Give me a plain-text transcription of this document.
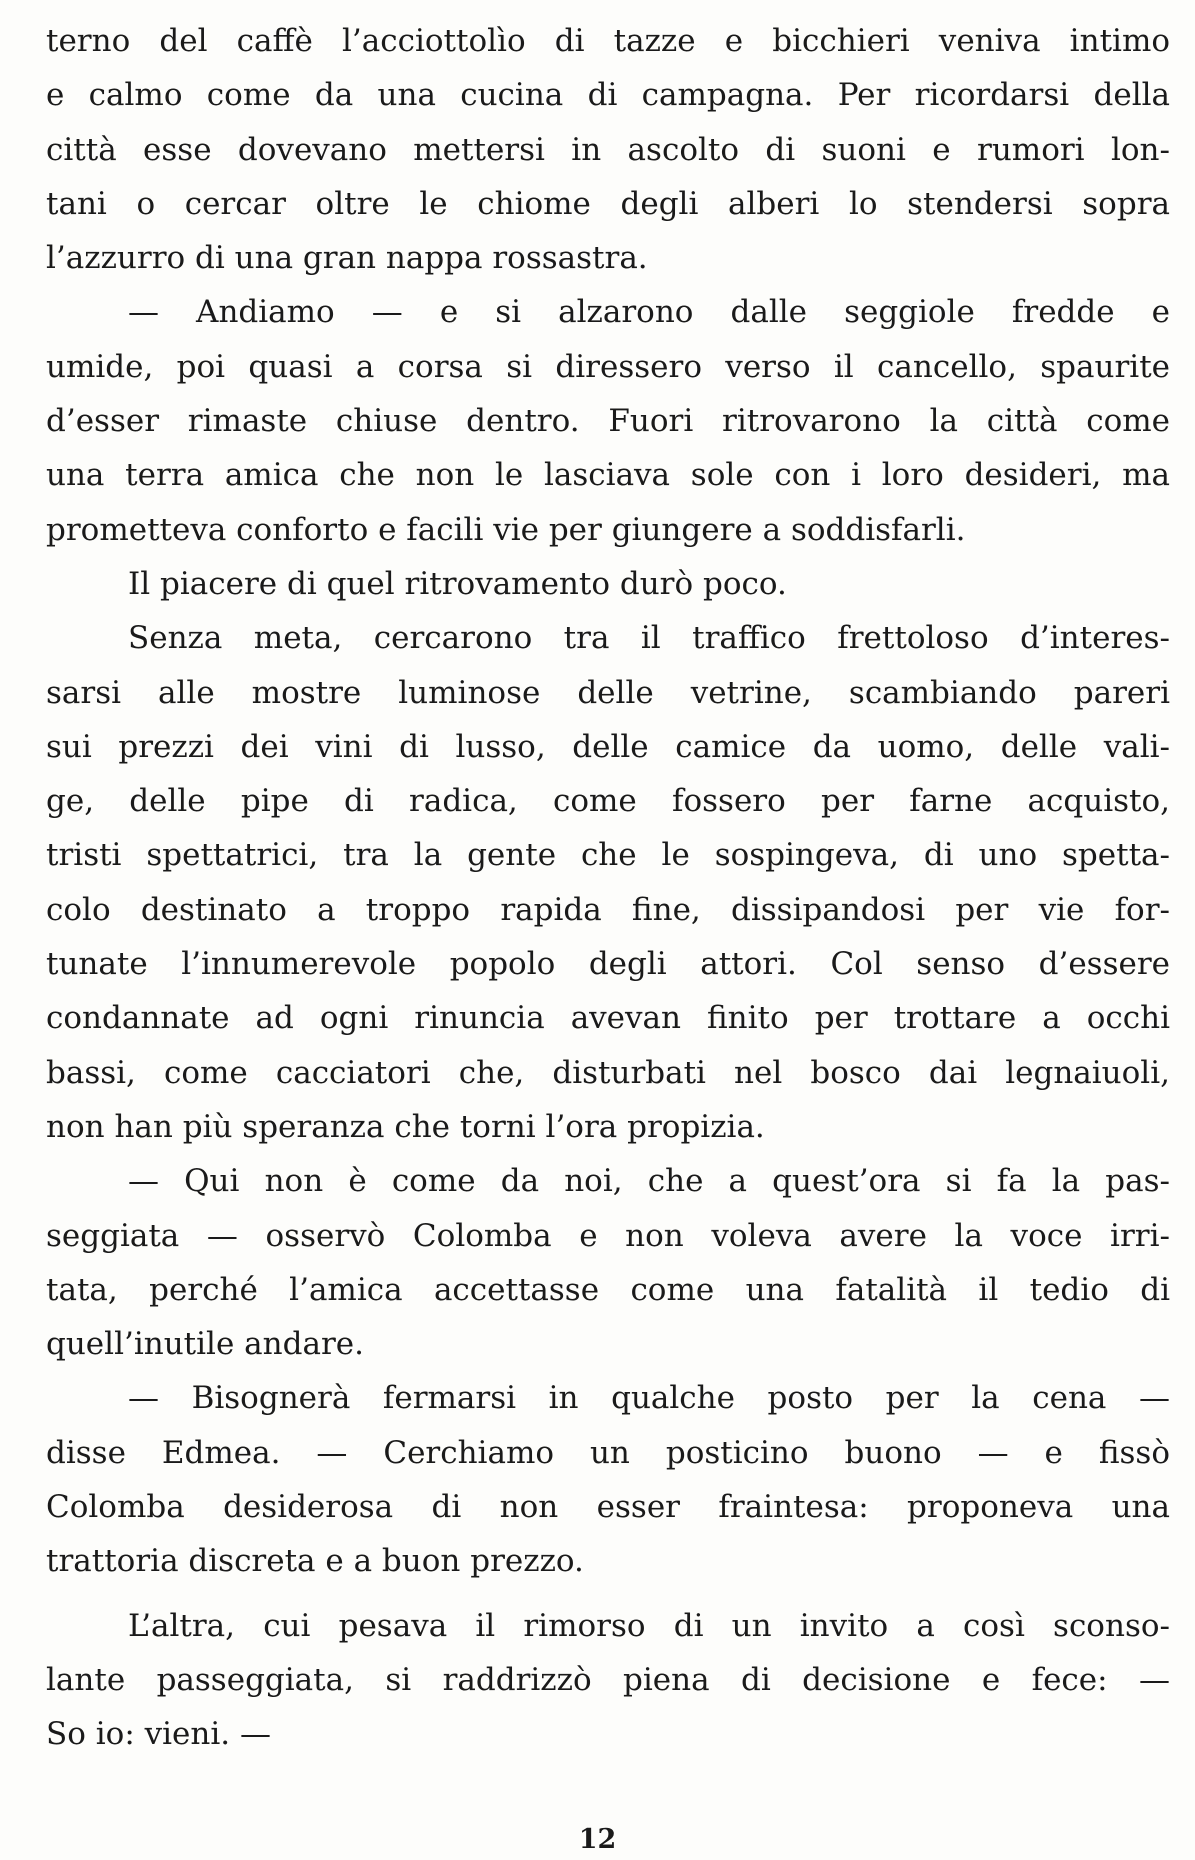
terno del caffè l’acciottolìo di tazze e bicchieri veniva intimo
e calmo come da una cucina di campagna. Per ricordarsi della
città esse dovevano mettersi in ascolto di suoni e rumori lon-
tani o cercar oltre le chiome degli alberi lo stendersi sopra
l’azzurro di una gran nappa rossastra.
— Andiamo — e si alzarono dalle seggiole fredde e
umide, poi quasi a corsa si diressero verso il cancello, spaurite
d’esser rimaste chiuse dentro. Fuori ritrovarono la città come
una terra amica che non le lasciava sole con i loro desideri, ma
prometteva conforto e facili vie per giungere a soddisfarli.
Il piacere di quel ritrovamento durò poco.
Senza meta, cercarono tra il traffico frettoloso d’interes-
sarsi alle mostre luminose delle vetrine, scambiando pareri
sui prezzi dei vini di lusso, delle camice da uomo, delle vali-
ge, delle pipe di radica, come fossero per farne acquisto,
tristi spettatrici, tra la gente che le sospingeva, di uno spetta-
colo destinato a troppo rapida fine, dissipandosi per vie for-
tunate l’innumerevole popolo degli attori. Col senso d’essere
condannate ad ogni rinuncia avevan finito per trottare a occhi
bassi, come cacciatori che, disturbati nel bosco dai legnaiuoli,
non han più speranza che torni l’ora propizia.
— Qui non è come da noi, che a quest’ora si fa la pas-
seggiata — osservò Colomba e non voleva avere la voce irri-
tata, perché l’amica accettasse come una fatalità il tedio di
quell’inutile andare.
— Bisognerà fermarsi in qualche posto per la cena —
disse Edmea. — Cerchiamo un posticino buono — e fissò
Colomba desiderosa di non esser fraintesa: proponeva una
trattoria discreta e a buon prezzo.
L’altra, cui pesava il rimorso di un invito a così sconso-
lante passeggiata, si raddrizzò piena di decisione e fece: —
So io: vieni. —
12
